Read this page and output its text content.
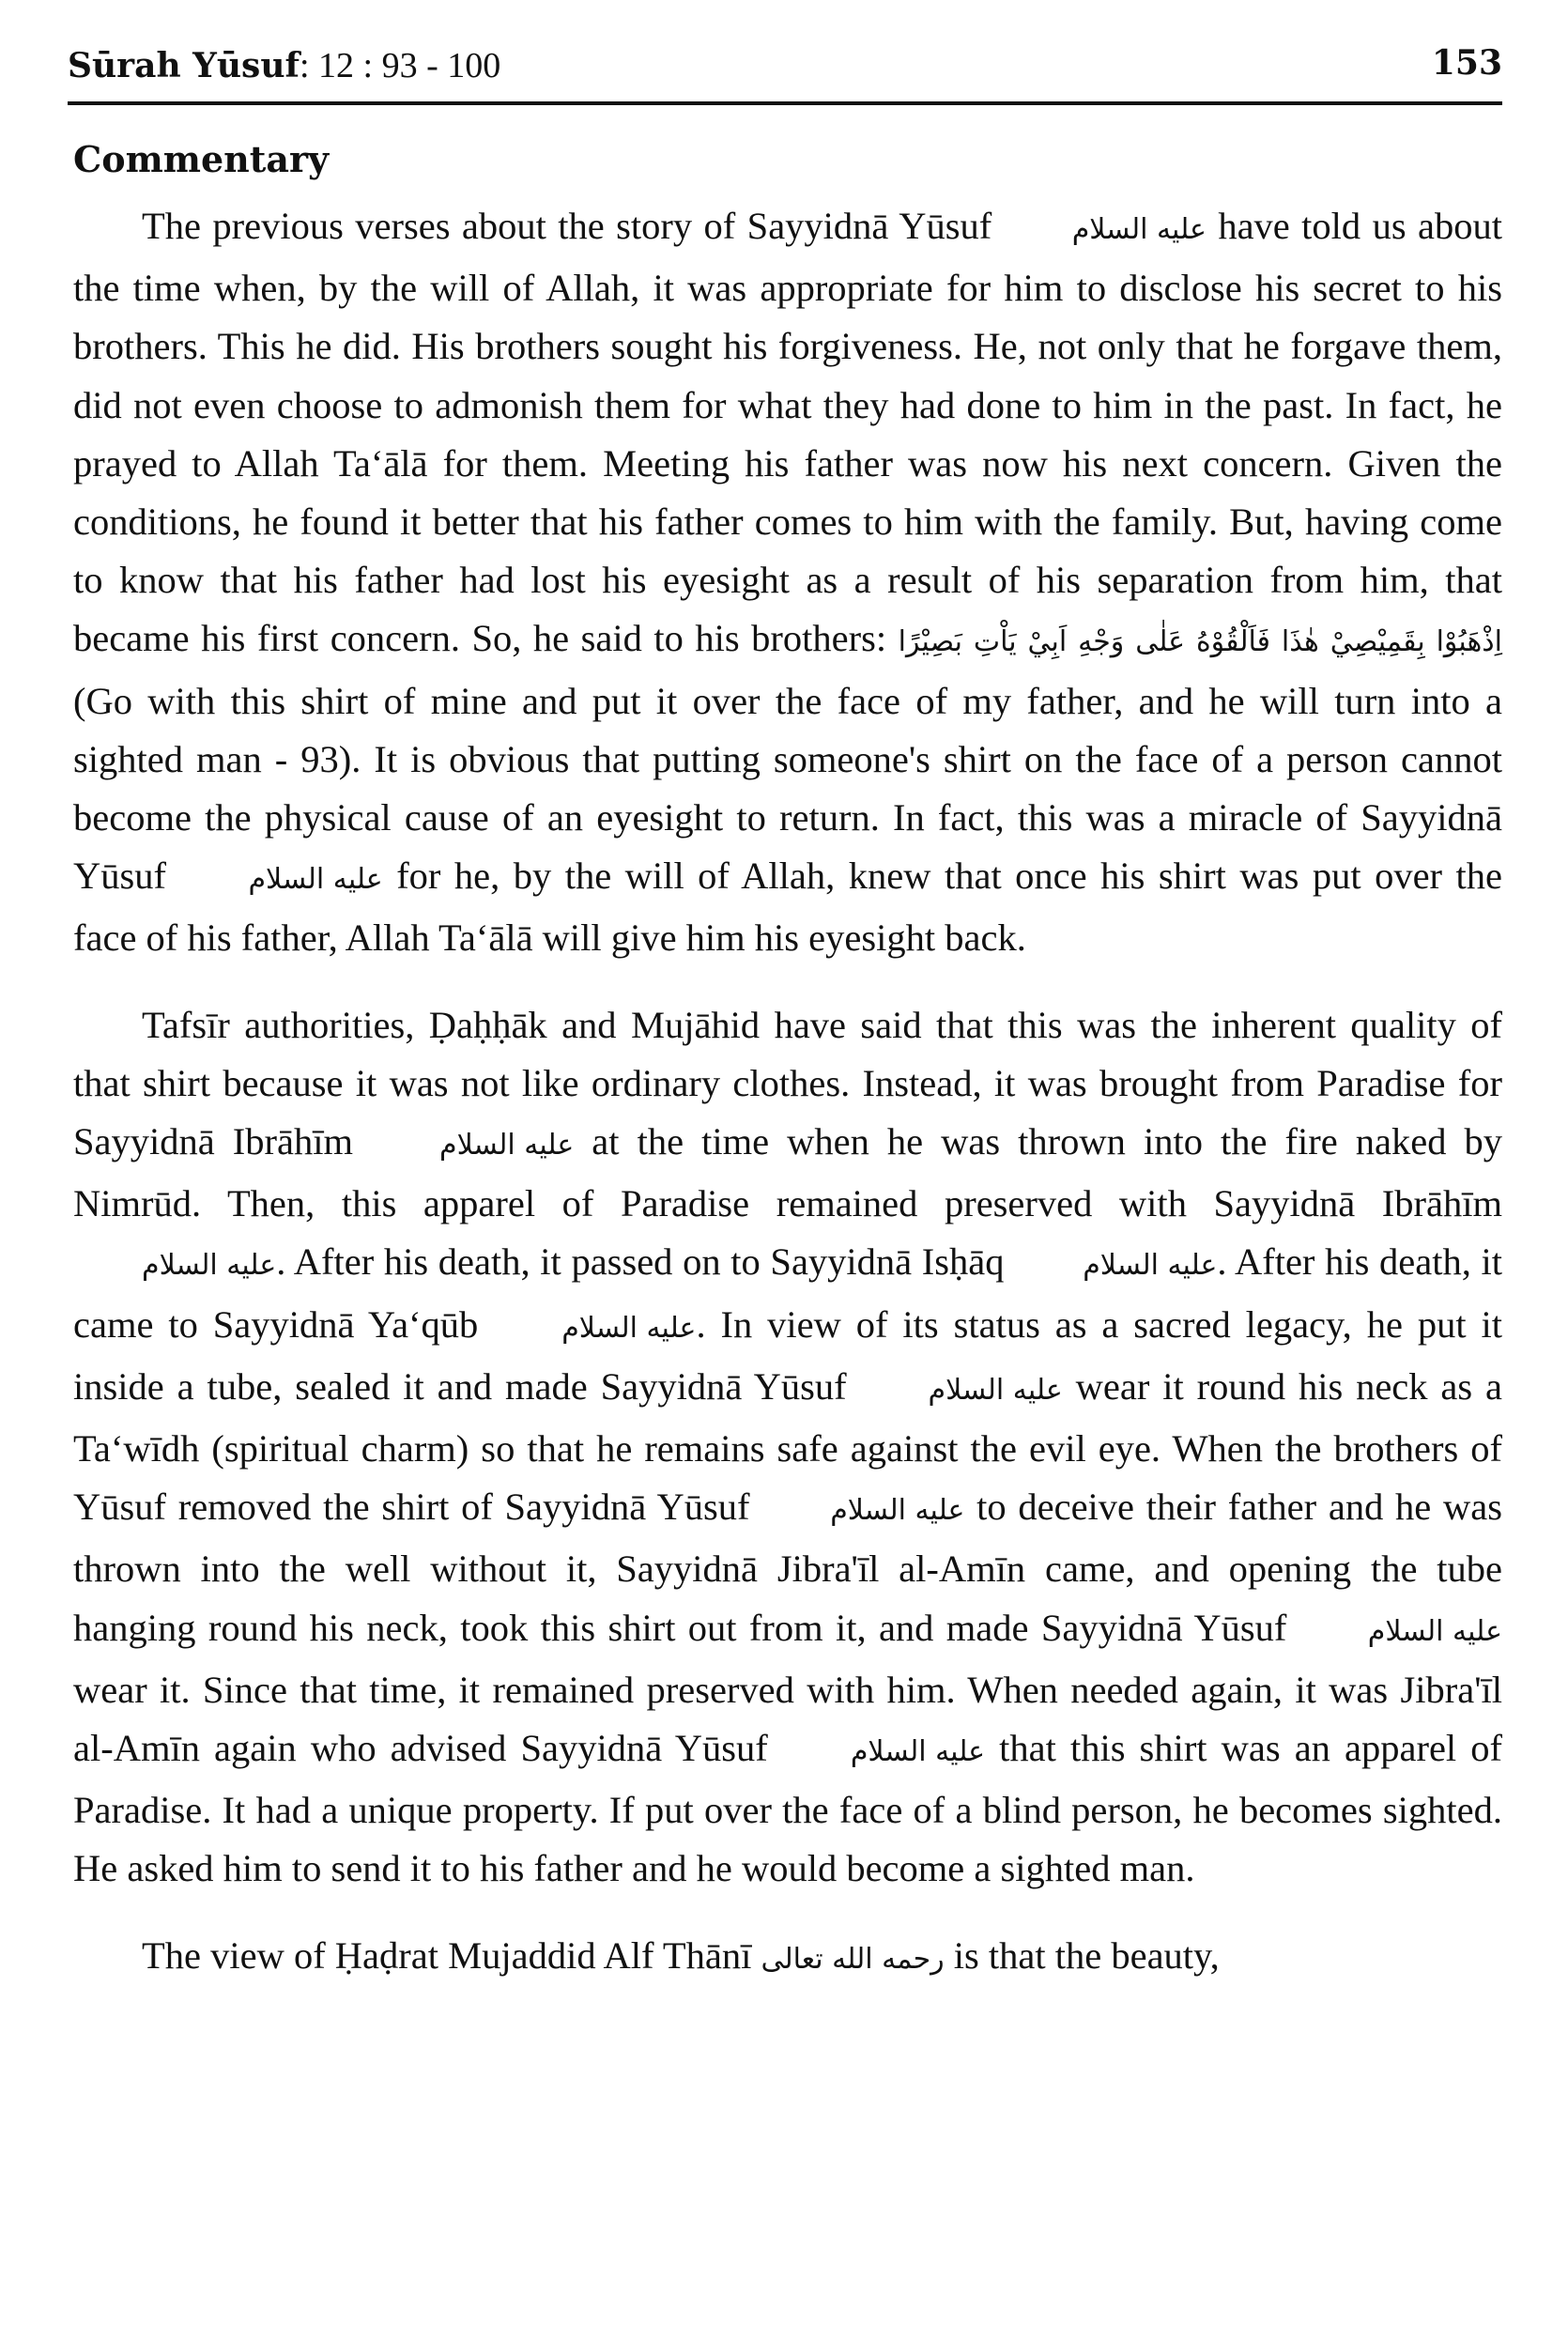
Sūrah Yūsuf: 12 : 93 - 100	153
Commentary

The previous verses about the story of Sayyidnā Yūsuf عليه السلام have told us about the time when, by the will of Allah, it was appropriate for him to disclose his secret to his brothers. This he did. His brothers sought his forgiveness. He, not only that he forgave them, did not even choose to admonish them for what they had done to him in the past. In fact, he prayed to Allah Ta‘ālā for them. Meeting his father was now his next concern. Given the conditions, he found it better that his father comes to him with the family. But, having come to know that his father had lost his eyesight as a result of his separation from him, that became his first concern. So, he said to his brothers: اِذْهَبُوْا بِقَمِيْصِيْ هٰذَا فَاَلْقُوْهُ عَلٰى وَجْهِ اَبِيْ يَاْتِ بَصِيْرًا (Go with this shirt of mine and put it over the face of my father, and he will turn into a sighted man - 93). It is obvious that putting someone's shirt on the face of a person cannot become the physical cause of an eyesight to return. In fact, this was a miracle of Sayyidnā Yūsuf عليه السلام for he, by the will of Allah, knew that once his shirt was put over the face of his father, Allah Ta‘ālā will give him his eyesight back.

Tafsīr authorities, Ḍaḥḥāk and Mujāhid have said that this was the inherent quality of that shirt because it was not like ordinary clothes. Instead, it was brought from Paradise for Sayyidnā Ibrāhīm عليه السلام at the time when he was thrown into the fire naked by Nimrūd. Then, this apparel of Paradise remained preserved with Sayyidnā Ibrāhīm عليه السلام. After his death, it passed on to Sayyidnā Isḥāq عليه السلام. After his death, it came to Sayyidnā Ya‘qūb عليه السلام. In view of its status as a sacred legacy, he put it inside a tube, sealed it and made Sayyidnā Yūsuf عليه السلام wear it round his neck as a Ta‘wīdh (spiritual charm) so that he remains safe against the evil eye. When the brothers of Yūsuf removed the shirt of Sayyidnā Yūsuf عليه السلام to deceive their father and he was thrown into the well without it, Sayyidnā Jibra'īl al-Amīn came, and opening the tube hanging round his neck, took this shirt out from it, and made Sayyidnā Yūsuf عليه السلام wear it. Since that time, it remained preserved with him. When needed again, it was Jibra'īl al-Amīn again who advised Sayyidnā Yūsuf عليه السلام that this shirt was an apparel of Paradise. It had a unique property. If put over the face of a blind person, he becomes sighted. He asked him to send it to his father and he would become a sighted man.

The view of Ḥaḍrat Mujaddid Alf Thānī رحمه الله تعالى is that the beauty,
